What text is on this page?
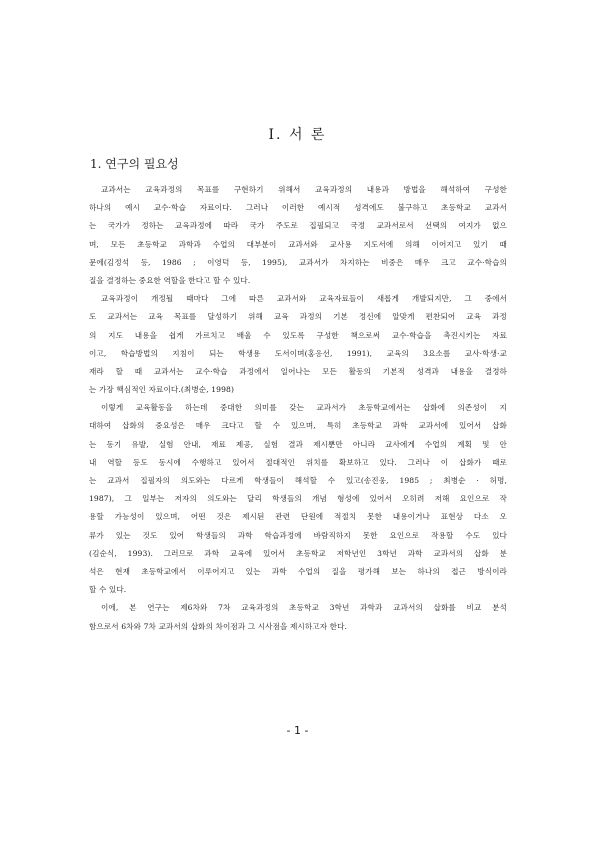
Ⅰ. 서 론
1. 연구의 필요성
교과서는 교육과정의 목표를 구현하기 위해서 교육과정의 내용과 방법을 해석하여 구성한
하나의 예시 교수·학습 자료이다. 그러나 이러한 예시적 성격에도 불구하고 초등학교 교과서
는 국가가 정하는 교육과정에 따라 국가 주도로 집필되고 국정 교과서로서 선택의 여지가 없으
며, 모든 초등학교 과학과 수업의 대부분이 교과서와 교사용 지도서에 의해 이어지고 있기 때
문에(김정석 등, 1986 ; 이영덕 등, 1995), 교과서가 차지하는 비중은 매우 크고 교수·학습의
질을 결정하는 중요한 역할을 한다고 할 수 있다.
교육과정이 개정될 때마다 그에 따른 교과서와 교육자료들이 새롭게 개발되지만, 그 중에서
도 교과서는 교육 목표를 달성하기 위해 교육 과정의 기본 정신에 알맞게 편찬되어 교육 과정
의 지도 내용을 쉽게 가르치고 배울 수 있도록 구성한 책으로써 교수·학습을 촉진시키는 자료
이고, 학습방법의 지침이 되는 학생용 도서이며(홍응선, 1991), 교육의 3요소를 교사·학생·교
재라 할 때 교과서는 교수·학습 과정에서 일어나는 모든 활동의 기본적 성격과 내용을 결정하
는 가장 핵심적인 자료이다.(최병순, 1998)
이렇게 교육활동을 하는데 중대한 의미를 갖는 교과서가 초등학교에서는 삽화에 의존성이 지
대하여 삽화의 중요성은 매우 크다고 할 수 있으며, 특히 초등학교 과학 교과서에 있어서 삽화
는 동기 유발, 실험 안내, 재료 제공, 실험 결과 제시뿐만 아니라 교사에게 수업의 계획 및 안
내 역할 등도 동시에 수행하고 있어서 절대적인 위치를 확보하고 있다. 그러나 이 삽화가 때로
는 교과서 집필자의 의도와는 다르게 학생들이 해석할 수 있고(송진웅, 1985 ; 최병순 · 허명,
1987), 그 일부는 저자의 의도와는 달리 학생들의 개념 형성에 있어서 오히려 저해 요인으로 작
용할 가능성이 있으며, 어떤 것은 제시된 관련 단원에 적절치 못한 내용이거나 표현상 다소 오
류가 있는 것도 있어 학생들의 과학 학습과정에 바람직하지 못한 요인으로 작용할 수도 있다
(김순식, 1993). 그러므로 과학 교육에 있어서 초등학교 저학년인 3학년 과학 교과서의 삽화 분
석은 현재 초등학교에서 이루어지고 있는 과학 수업의 질을 평가해 보는 하나의 접근 방식이라
할 수 있다.
이에, 본 연구는 제6차와 7차 교육과정의 초등학교 3학년 과학과 교과서의 삽화를 비교 분석
함으로서 6차와 7차 교과서의 삽화의 차이점과 그 시사점을 제시하고자 한다.
- 1 -
